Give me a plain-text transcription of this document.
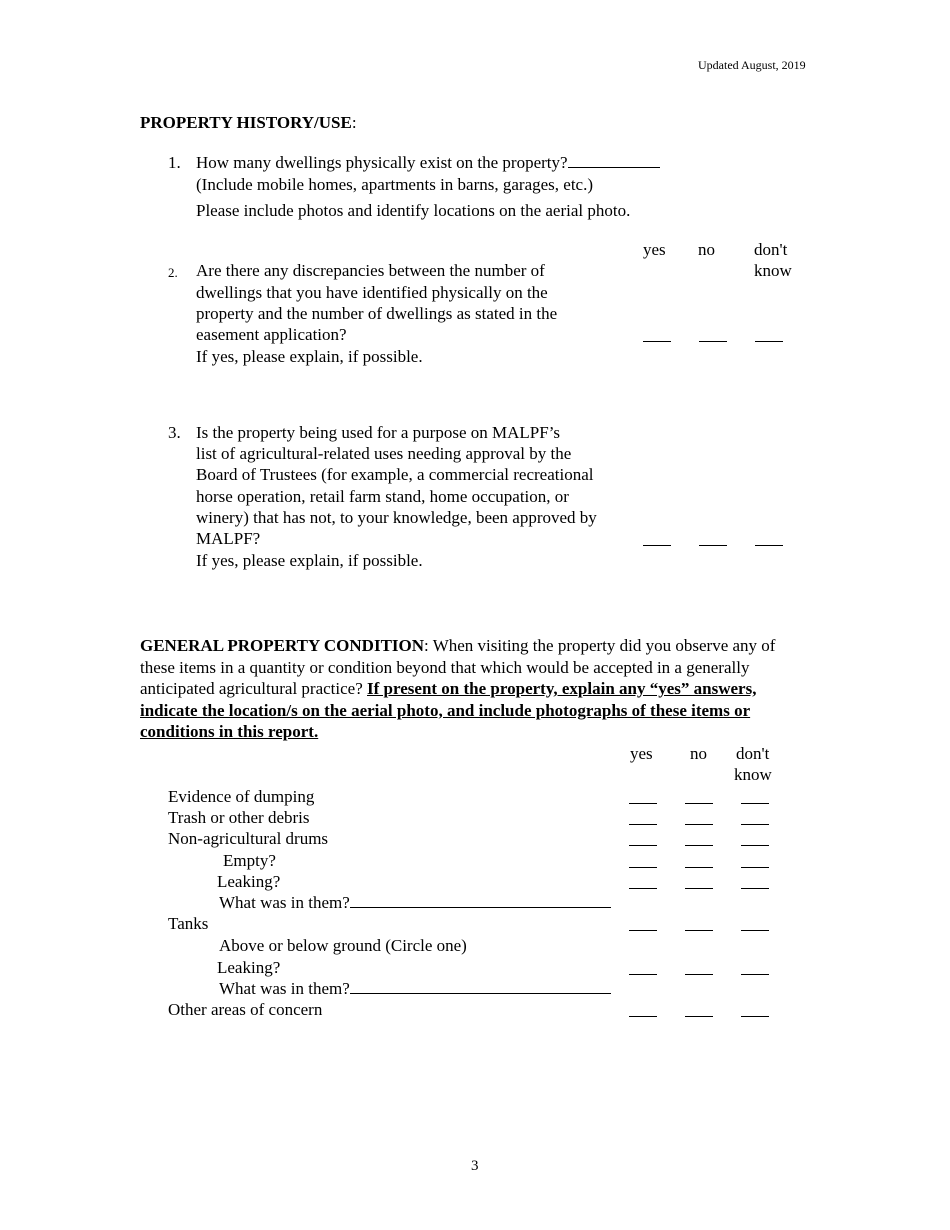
Updated August, 2019
PROPERTY HISTORY/USE:
1. How many dwellings physically exist on the property?
(Include mobile homes, apartments in barns, garages, etc.)
Please include photos and identify locations on the aerial photo.
yes no don't
know
2. Are there any discrepancies between the number of
dwellings that you have identified physically on the
property and the number of dwellings as stated in the
easement application?
If yes, please explain, if possible.
3. Is the property being used for a purpose on MALPF’s
list of agricultural-related uses needing approval by the
Board of Trustees (for example, a commercial recreational
horse operation, retail farm stand, home occupation, or
winery) that has not, to your knowledge, been approved by
MALPF?
If yes, please explain, if possible.
GENERAL PROPERTY CONDITION: When visiting the property did you observe any of these items in a quantity or condition beyond that which would be accepted in a generally anticipated agricultural practice? If present on the property, explain any “yes” answers, indicate the location/s on the aerial photo, and include photographs of these items or conditions in this report.
yes no don't
know
Evidence of dumping
Trash or other debris
Non-agricultural drums
Empty?
Leaking?
What was in them?
Tanks
Above or below ground (Circle one)
Leaking?
What was in them?
Other areas of concern
3
